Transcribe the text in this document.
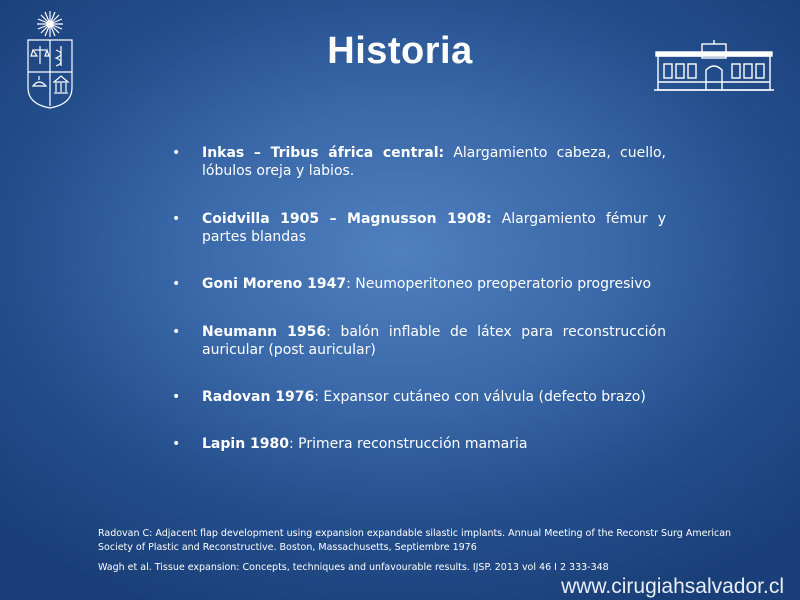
Historia
•	Inkas – Tribus áfrica central: Alargamiento cabeza, cuello, lóbulos oreja y labios.
•	Coidvilla 1905 – Magnusson 1908: Alargamiento fémur y partes blandas
•	Goni Moreno 1947: Neumoperitoneo preoperatorio progresivo
•	Neumann 1956: balón inflable de látex para reconstrucción auricular (post auricular)
•	Radovan 1976: Expansor cutáneo con válvula (defecto brazo)
•	Lapin 1980: Primera reconstrucción mamaria

Radovan C: Adjacent flap development using expansion expandable silastic implants. Annual Meeting of the Reconstr Surg American Society of Plastic and Reconstructive. Boston, Massachusetts, Septiembre 1976

Wagh et al. Tissue expansion: Concepts, techniques and unfavourable results. IJSP. 2013 vol 46 I 2 333-348

www.cirugiahsalvador.cl
